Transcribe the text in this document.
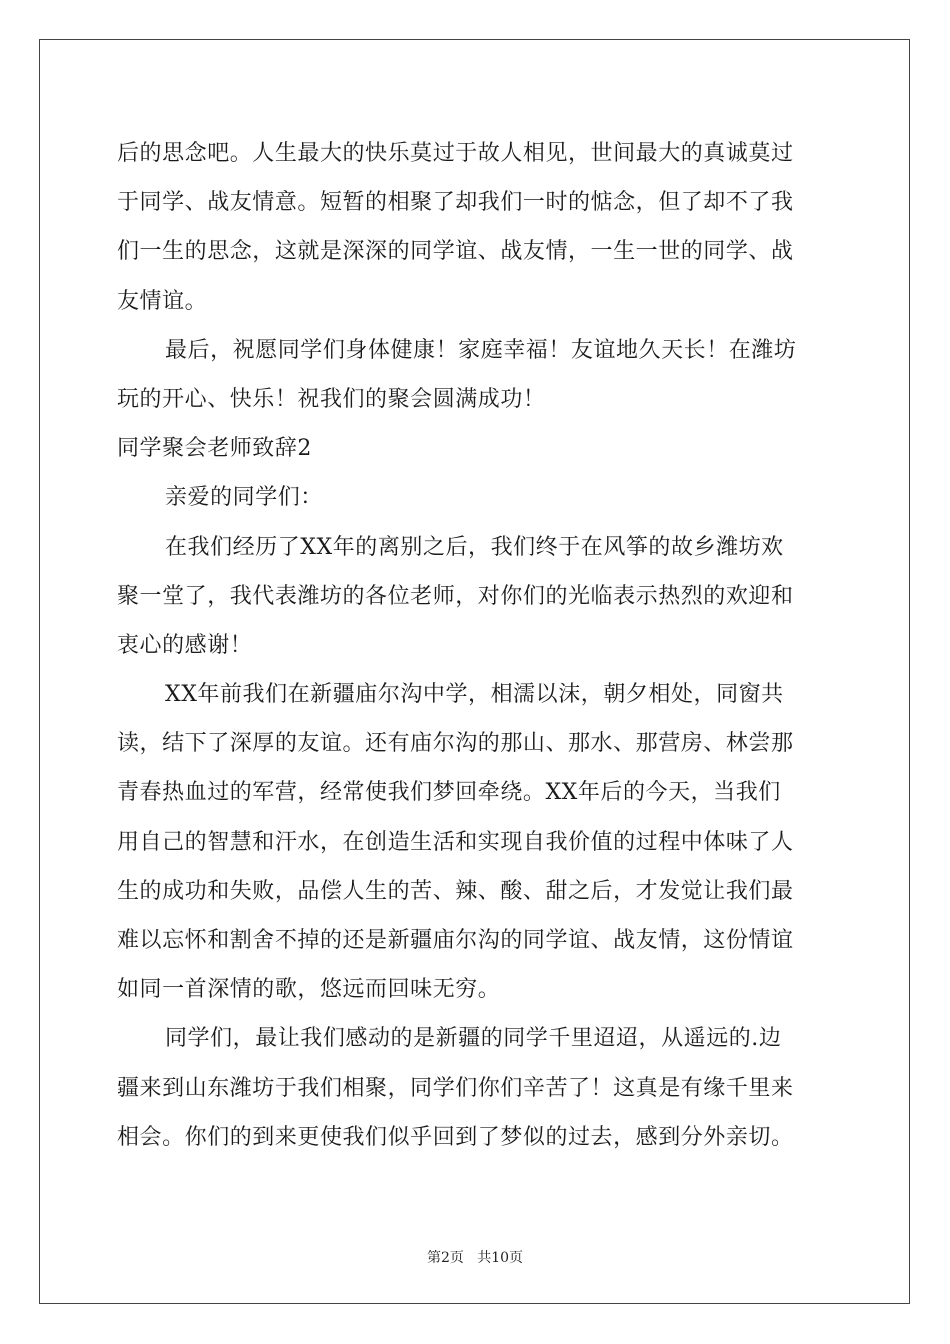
后的思念吧。人生最大的快乐莫过于故人相见，世间最大的真诚莫过
于同学、战友情意。短暂的相聚了却我们一时的惦念，但了却不了我
们一生的思念，这就是深深的同学谊、战友情，一生一世的同学、战
友情谊。
最后，祝愿同学们身体健康！家庭幸福！友谊地久天长！在潍坊
玩的开心、快乐！祝我们的聚会圆满成功！
同学聚会老师致辞2
亲爱的同学们：
在我们经历了XX年的离别之后，我们终于在风筝的故乡潍坊欢
聚一堂了，我代表潍坊的各位老师，对你们的光临表示热烈的欢迎和
衷心的感谢！
XX年前我们在新疆庙尔沟中学，相濡以沫，朝夕相处，同窗共
读，结下了深厚的友谊。还有庙尔沟的那山、那水、那营房、林尝那
青春热血过的军营，经常使我们梦回牵绕。XX年后的今天，当我们
用自己的智慧和汗水，在创造生活和实现自我价值的过程中体味了人
生的成功和失败，品偿人生的苦、辣、酸、甜之后，才发觉让我们最
难以忘怀和割舍不掉的还是新疆庙尔沟的同学谊、战友情，这份情谊
如同一首深情的歌，悠远而回味无穷。
同学们，最让我们感动的是新疆的同学千里迢迢，从遥远的.边
疆来到山东潍坊于我们相聚，同学们你们辛苦了！这真是有缘千里来
相会。你们的到来更使我们似乎回到了梦似的过去，感到分外亲切。
第2页   共10页
